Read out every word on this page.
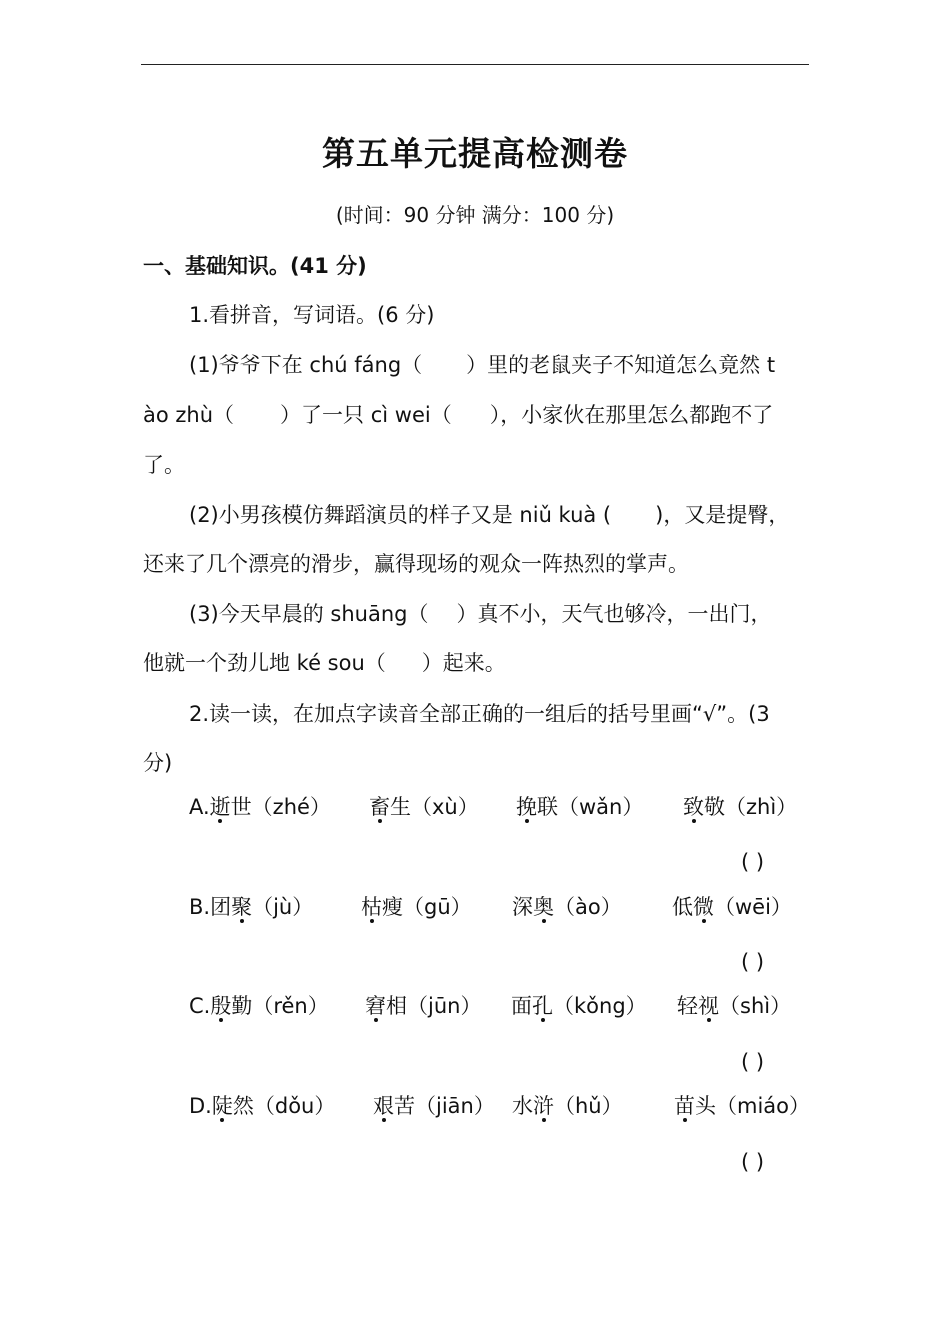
第五单元提高检测卷
(时间：90 分钟 满分：100 分)
一、基础知识。(41 分)
1.看拼音，写词语。(6 分)
(1)爷爷下在 chú fáng（ ）里的老鼠夹子不知道怎么竟然 t
ào zhù（ ）了一只 cì wei（ ），小家伙在那里怎么都跑不了
了。
(2)小男孩模仿舞蹈演员的样子又是 niǔ kuà ( )，又是提臀，
还来了几个漂亮的滑步，赢得现场的观众一阵热烈的掌声。
(3)今天早晨的 shuāng（ ）真不小，天气也够冷，一出门，
他就一个劲儿地 ké sou（ ）起来。
2.读一读，在加点字读音全部正确的一组后的括号里画“√”。(3
分)
A.逝世（zhé） 畜生（xù） 挽联（wǎn） 致敬（zhì）
( )
B.团聚（jù） 枯瘦（gū） 深奥（ào） 低微（wēi）
( )
C.殷勤（rěn） 窘相（jūn） 面孔（kǒng） 轻视（shì）
( )
D.陡然（dǒu） 艰苦（jiān） 水浒（hǔ） 苗头（miáo）
( )
